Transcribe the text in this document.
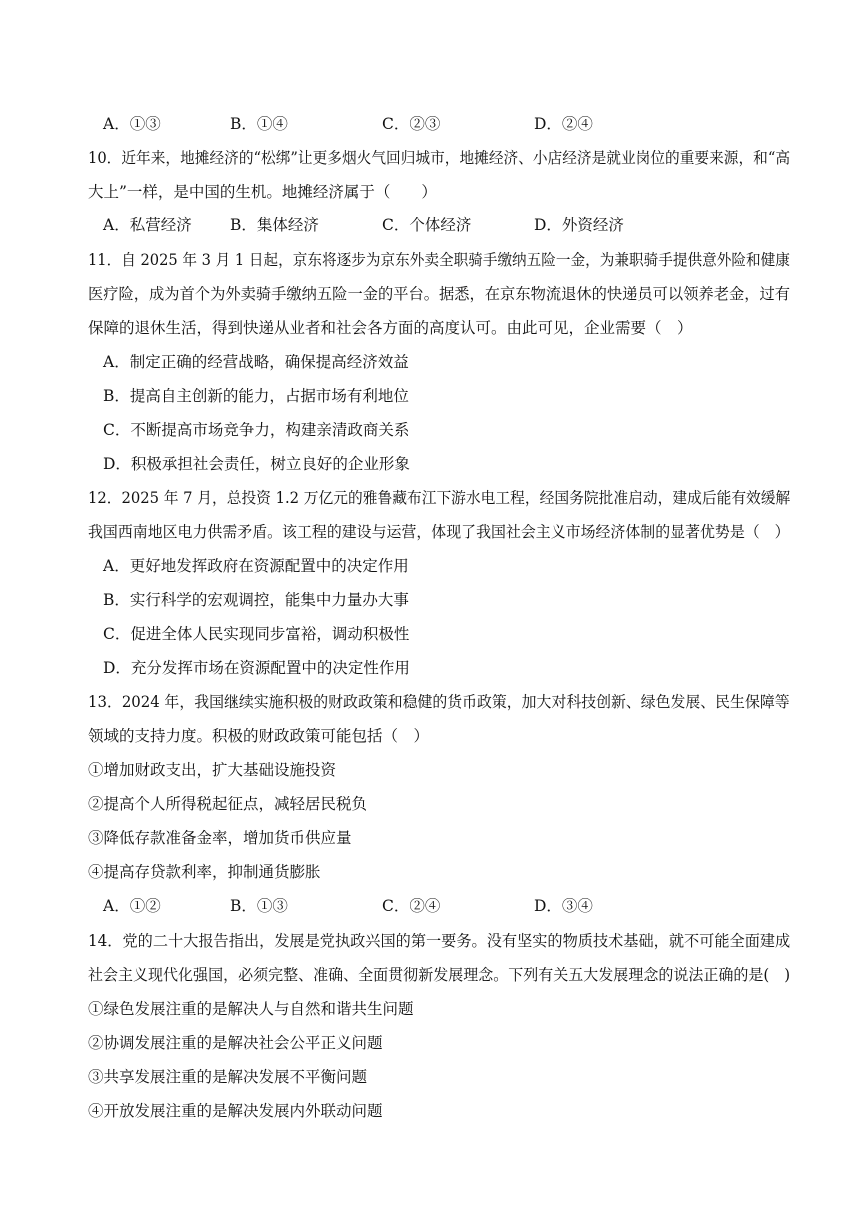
A．①③	B．①④	C．②③	D．②④
10．近年来，地摊经济的“松绑”让更多烟火气回归城市，地摊经济、小店经济是就业岗位的重要来源，和“高
大上”一样，是中国的生机。地摊经济属于（　　）
A．私营经济 B．集体经济	C．个体经济	D．外资经济
11．自 2025 年 3 月 1 日起，京东将逐步为京东外卖全职骑手缴纳五险一金，为兼职骑手提供意外险和健康
医疗险，成为首个为外卖骑手缴纳五险一金的平台。据悉，在京东物流退休的快递员可以领养老金，过有
保障的退休生活，得到快递从业者和社会各方面的高度认可。由此可见，企业需要（　）
A．制定正确的经营战略，确保提高经济效益
B．提高自主创新的能力，占据市场有利地位
C．不断提高市场竞争力，构建亲清政商关系
D．积极承担社会责任，树立良好的企业形象
12．2025 年 7 月，总投资 1.2 万亿元的雅鲁藏布江下游水电工程，经国务院批准启动，建成后能有效缓解
我国西南地区电力供需矛盾。该工程的建设与运营，体现了我国社会主义市场经济体制的显著优势是（　）
A．更好地发挥政府在资源配置中的决定作用
B．实行科学的宏观调控，能集中力量办大事
C．促进全体人民实现同步富裕，调动积极性
D．充分发挥市场在资源配置中的决定性作用
13．2024 年，我国继续实施积极的财政政策和稳健的货币政策，加大对科技创新、绿色发展、民生保障等
领域的支持力度。积极的财政政策可能包括（　）
①增加财政支出，扩大基础设施投资
②提高个人所得税起征点，减轻居民税负
③降低存款准备金率，增加货币供应量
④提高存贷款利率，抑制通货膨胀
A．①②	B．①③	C．②④	D．③④
14．党的二十大报告指出，发展是党执政兴国的第一要务。没有坚实的物质技术基础，就不可能全面建成
社会主义现代化强国，必须完整、准确、全面贯彻新发展理念。下列有关五大发展理念的说法正确的是(　)
①绿色发展注重的是解决人与自然和谐共生问题
②协调发展注重的是解决社会公平正义问题
③共享发展注重的是解决发展不平衡问题
④开放发展注重的是解决发展内外联动问题
